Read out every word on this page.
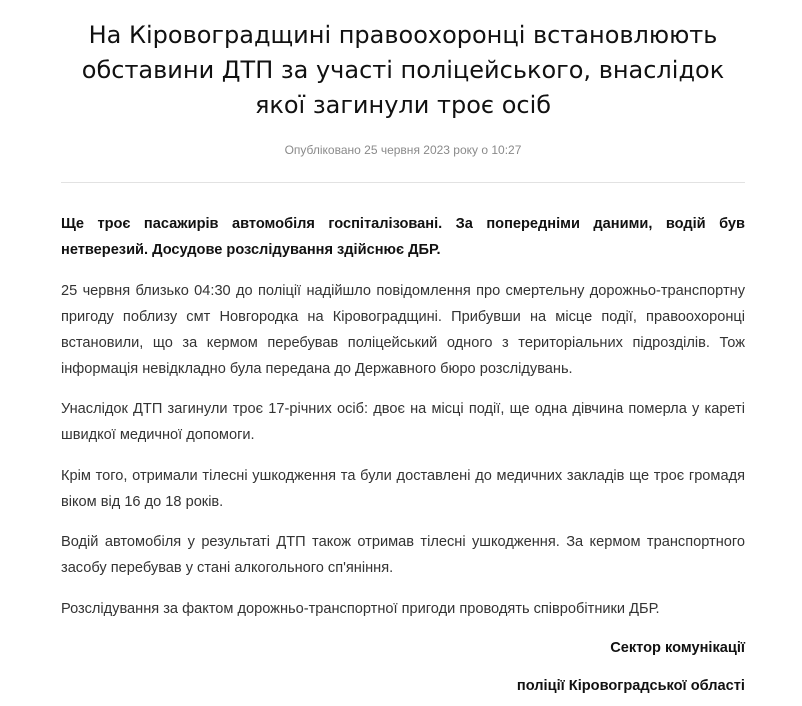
На Кіровоградщині правоохоронці встановлюють обставини ДТП за участі поліцейського, внаслідок якої загинули троє осіб
Опубліковано 25 червня 2023 року о 10:27

Ще троє пасажирів автомобіля госпіталізовані. За попередніми даними, водій був нетверезий. Досудове розслідування здійснює ДБР.

25 червня близько 04:30 до поліції надійшло повідомлення про смертельну дорожньо-транспортну пригоду поблизу смт Новгородка на Кіровоградщині. Прибувши на місце події, правоохоронці встановили, що за кермом перебував поліцейський одного з територіальних підрозділів. Тож інформація невідкладно була передана до Державного бюро розслідувань.

Унаслідок ДТП загинули троє 17-річних осіб: двоє на місці події, ще одна дівчина померла у кареті швидкої медичної допомоги.

Крім того, отримали тілесні ушкодження та були доставлені до медичних закладів ще троє громадя віком від 16 до 18 років.

Водій автомобіля у результаті ДТП також отримав тілесні ушкодження. За кермом транспортного засобу перебував у стані алкогольного сп'яніння.

Розслідування за фактом дорожньо-транспортної пригоди проводять співробітники ДБР.

Сектор комунікації
поліції Кіровоградської області
